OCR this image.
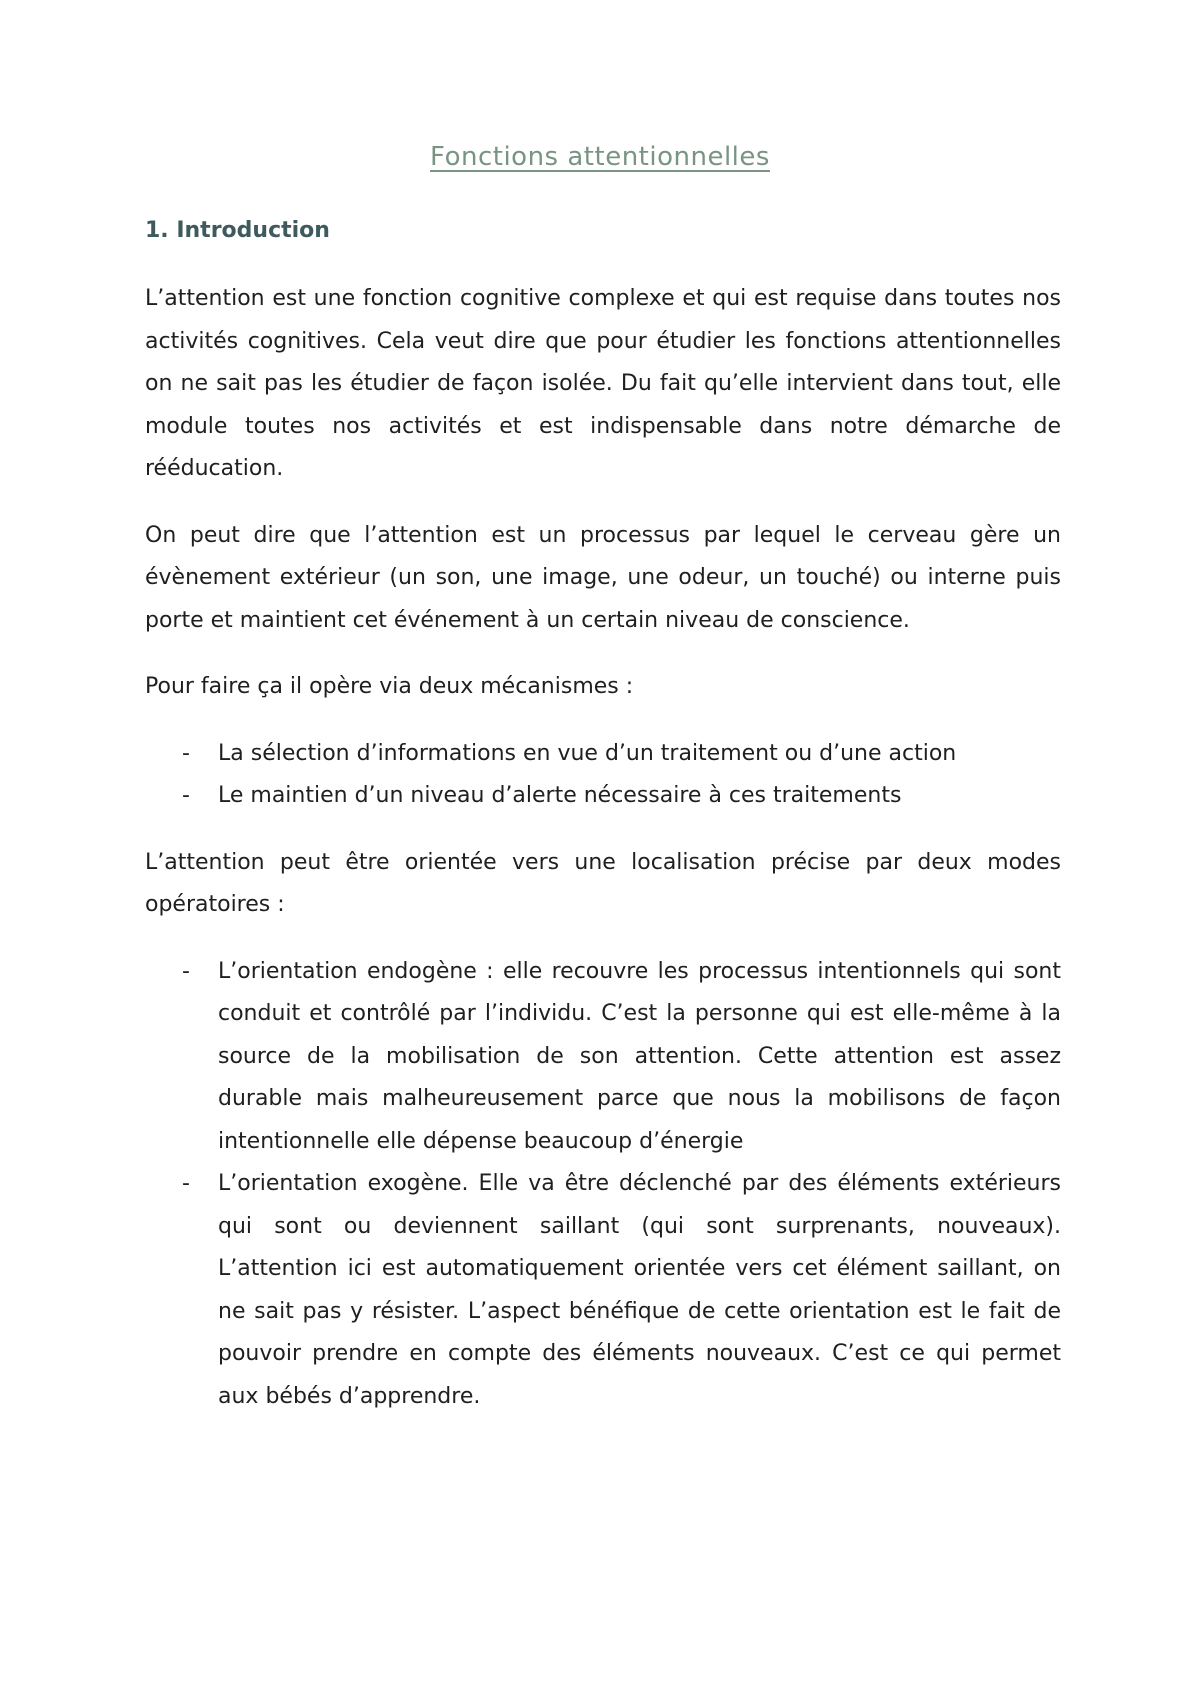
Fonctions attentionnelles
1. Introduction

L’attention est une fonction cognitive complexe et qui est requise dans toutes nos activités cognitives. Cela veut dire que pour étudier les fonctions attentionnelles on ne sait pas les étudier de façon isolée. Du fait qu’elle intervient dans tout, elle module toutes nos activités et est indispensable dans notre démarche de rééducation.

On peut dire que l’attention est un processus par lequel le cerveau gère un évènement extérieur (un son, une image, une odeur, un touché) ou interne puis porte et maintient cet événement à un certain niveau de conscience.

Pour faire ça il opère via deux mécanismes :

- La sélection d’informations en vue d’un traitement ou d’une action
- Le maintien d’un niveau d’alerte nécessaire à ces traitements

L’attention peut être orientée vers une localisation précise par deux modes opératoires :

- L’orientation endogène : elle recouvre les processus intentionnels qui sont conduit et contrôlé par l’individu. C’est la personne qui est elle-même à la source de la mobilisation de son attention. Cette attention est assez durable mais malheureusement parce que nous la mobilisons de façon intentionnelle elle dépense beaucoup d’énergie
- L’orientation exogène. Elle va être déclenché par des éléments extérieurs qui sont ou deviennent saillant (qui sont surprenants, nouveaux). L’attention ici est automatiquement orientée vers cet élément saillant, on ne sait pas y résister. L’aspect bénéfique de cette orientation est le fait de pouvoir prendre en compte des éléments nouveaux. C’est ce qui permet aux bébés d’apprendre.
